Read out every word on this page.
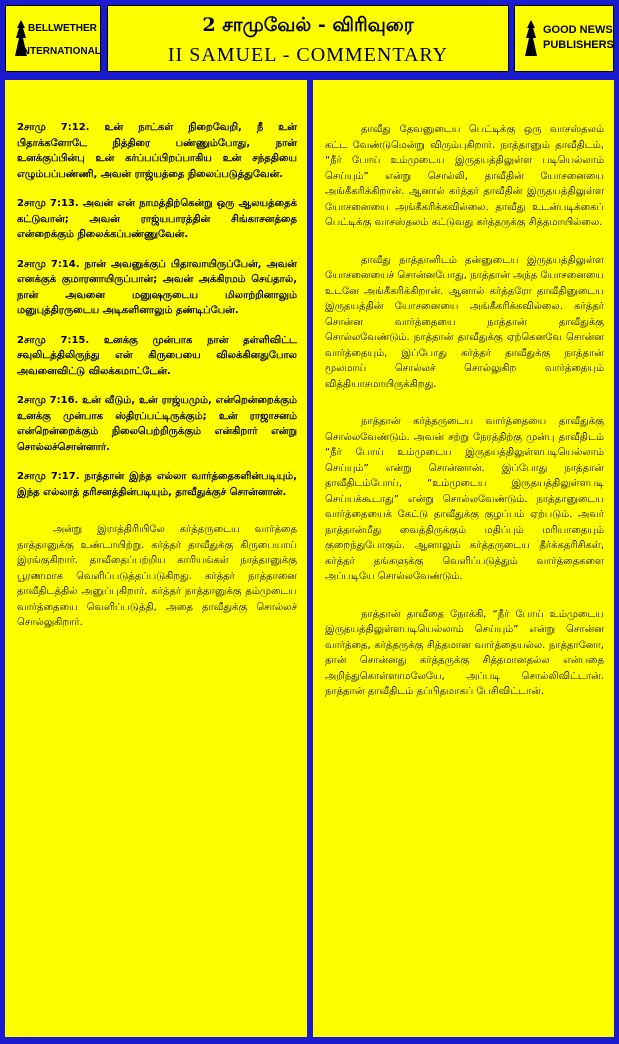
BELLWETHER
INTERNATIONAL
2 சாமுவேல் - விரிவுரை
II SAMUEL - COMMENTARY
GOOD NEWS
PUBLISHERS

2சாமு 7:12. உன் நாட்கள் நிறைவேறி, நீ உன் பிதாக்களோடே நித்திரை பண்ணும்போது, நான் உனக்குப்பின்பு உன் கர்ப்பப்பிறப்பாகிய உன் சந்ததியை எழும்பப்பண்ணி, அவன் ராஜ்யத்தை நிலைப்படுத்துவேன்.

2சாமு 7:13. அவன் என் நாமத்திற்கென்று ஒரு ஆலயத்தைக் கட்டுவான்; அவன் ராஜ்யபாரத்தின் சிங்காசனத்தை என்றைக்கும் நிலைக்கப்பண்ணுவேன்.

2சாமு 7:14. நான் அவனுக்குப் பிதாவாயிருப்பேன், அவன் எனக்குக் குமாரனாயிருப்பான்; அவன் அக்கிரமம் செய்தால், நான் அவனை மனுஷருடைய மிலாற்றினாலும் மனுபுத்திரருடைய அடிகளினாலும் தண்டிப்பேன்.

2சாமு 7:15. உனக்கு முன்பாக நான் தள்ளிவிட்ட சவுலிடத்திலிருந்து என் கிருபையை விலக்கினதுபோல அவனைவிட்டு விலக்கமாட்டேன்.

2சாமு 7:16. உன் வீடும், உன் ராஜ்யமும், என்றென்றைக்கும் உனக்கு முன்பாக ஸ்திரப்பட்டிருக்கும்; உன் ராஜாசனம் என்றென்றைக்கும் நிலைபெற்றிருக்கும் என்கிறார் என்று சொல்லச்சொன்னார்.

2சாமு 7:17. நாத்தான் இந்த எல்லா வார்த்தைகளின்படியும், இந்த எல்லாத் தரிசனத்தின்படியும், தாவீதுக்குச் சொன்னான்.

அன்று இராத்திரியிலே கர்த்தருடைய வார்த்தை நாத்தானுக்கு உண்டாயிற்று. கர்த்தர் தாவீதுக்கு கிருபையாய் இரங்குகிறார். தாவீதைப்பற்றிய காரியங்கள் நாத்தானுக்கு பூரணமாக வெளிப்படுத்தப்படுகிறது. கர்த்தர் நாத்தானை தாவீதிடத்தில் அனுப்புகிறார். கர்த்தர் நாத்தானுக்கு தம்முடைய வார்த்தையை வெளிப்படுத்தி, அதை தாவீதுக்கு சொல்லச் சொல்லுகிறார்.

தாவீது தேவனுடைய பெட்டிக்கு ஒரு வாசஸ்தலம் கட்ட வேண்டுமென்று விரும்புகிறார். நாத்தானும் தாவீதிடம், “நீர் போய் உம்முடைய இருதயத்திலுள்ள படியெல்லாம் செய்யும்” என்று சொல்லி, தாவீதின் யோசனையை அங்கீகரிக்கிறான். ஆனால் கர்த்தர் தாவீதின் இருதயத்திலுள்ள யோசனையை அங்கீகரிக்கவில்லை. தாவீது உடன்படிக்கைப் பெட்டிக்கு வாசஸ்தலம் கட்டுவது கர்த்தருக்கு சித்தமாயில்லை.

தாவீது நாத்தானிடம் தன்னுடைய இருதயத்திலுள்ள யோசனையைச் சொன்னபோது, நாத்தான் அந்த யோசனையை உடனே அங்கீகரிக்கிறான். ஆனால் கர்த்தரோ தாவீதினுடைய இருதயத்தின் யோசனையை அங்கீகரிக்கவில்லை. கர்த்தர் சொன்ன வார்த்தையை நாத்தான் தாவீதுக்கு சொல்லவேண்டும். நாத்தான் தாவீதுக்கு ஏற்கெனவே சொன்ன வார்த்தையும், இப்போது கர்த்தர் தாவீதுக்கு நாத்தான் மூலமாய் சொல்லச் சொல்லுகிற வார்த்தையும் வித்தியாசமாயிருக்கிறது.

நாத்தான் கர்த்தருடைய வார்த்தையை தாவீதுக்கு சொல்லவேண்டும். அவன் சற்று நேரத்திற்கு முன்பு தாவீதிடம் “நீர் போய் உம்முடைய இருதயத்திலுள்ளபடியெல்லாம் செய்யும்” என்று சொன்னான். இப்போது நாத்தான் தாவீதிடம்போய், “உம்முடைய இருதயத்திலுள்ளபடி செய்யக்கூடாது” என்று சொல்லவேண்டும். நாத்தானுடைய வார்த்தையைக் கேட்டு தாவீதுக்கு குழப்பம் ஏற்படும். அவர் நாத்தான்மீது வைத்திருக்கும் மதிப்பும் மரியாதையும் குறைந்துபோகும். ஆனாலும் கர்த்தருடைய தீர்க்கதரிசிகள், கர்த்தர் தங்களுக்கு வெளிப்படுத்தும் வார்த்தைகளை அப்படியே சொல்லவேண்டும்.

நாத்தான் தாவீதை நோக்கி, “நீர் போய் உம்முடைய இருதயத்திலுள்ளபடியெல்லாம் செய்யும்” என்று சொன்ன வார்த்தை, கர்த்தருக்கு சித்தமான வார்த்தையல்ல. நாத்தானோ, தான் சொன்னது கர்த்தருக்கு சித்தமானதல்ல என்பதை அறிந்துகொள்ளாமலேயே, அப்படி சொல்லிவிட்டான். நாத்தான் தாவீதிடம் தப்பிதமாகப் பேசிவிட்டான்.
